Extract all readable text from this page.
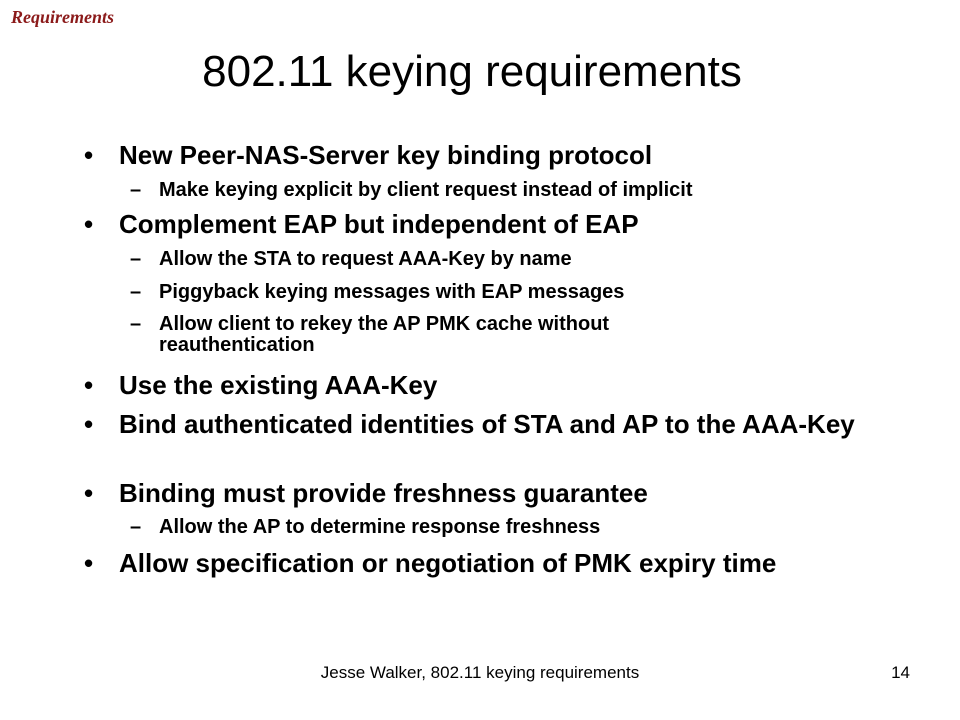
Requirements
802.11 keying requirements
• New Peer-NAS-Server key binding protocol
– Make keying explicit by client request instead of implicit
• Complement EAP but independent of EAP
– Allow the STA to request AAA-Key by name
– Piggyback keying messages with EAP messages
– Allow client to rekey the AP PMK cache without reauthentication
• Use the existing AAA-Key
• Bind authenticated identities of STA and AP to the AAA-Key
• Binding must provide freshness guarantee
– Allow the AP to determine response freshness
• Allow specification or negotiation of PMK expiry time
Jesse Walker, 802.11 keying requirements	14
